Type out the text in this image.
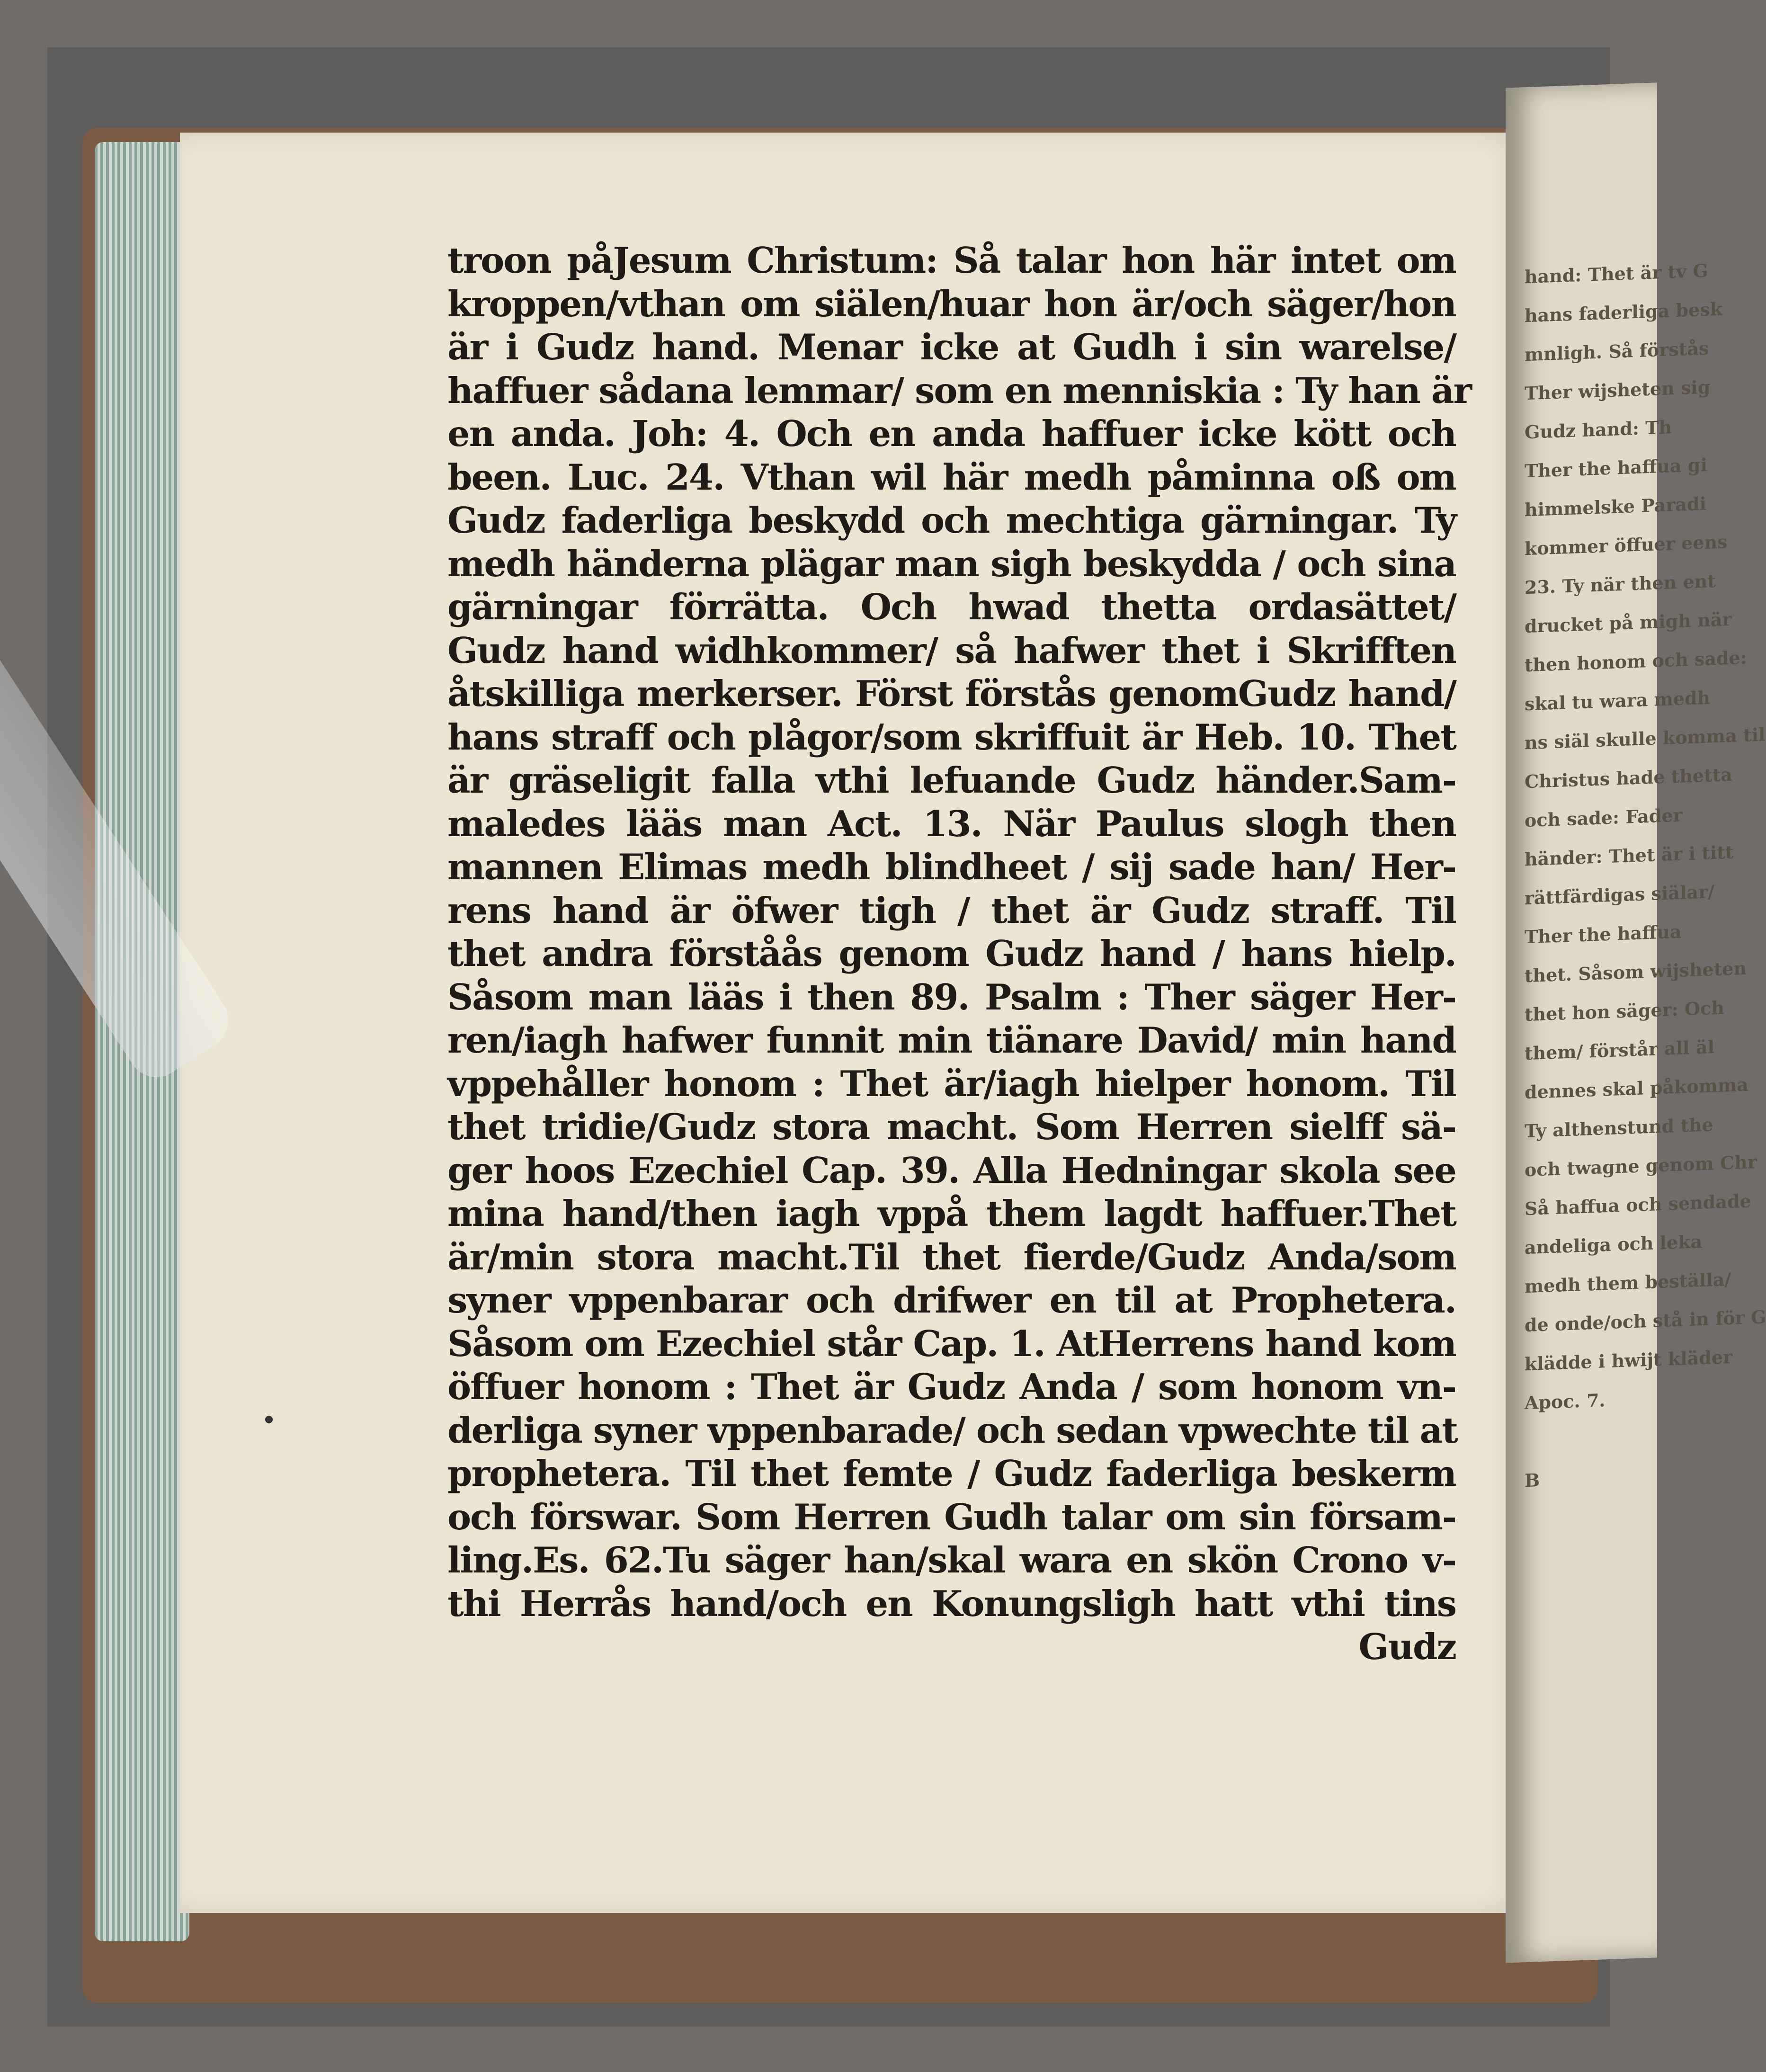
troon påJesum Christum: Så talar hon här intet om
kroppen/vthan om siälen/huar hon är/och säger/hon
är i Gudz hand. Menar icke at Gudh i sin warelse/
haffuer sådana lemmar/ som en menniskia : Ty han är
en anda. Joh: 4. Och en anda haffuer icke kött och
been. Luc. 24. Vthan wil här medh påminna oß om
Gudz faderliga beskydd och mechtiga gärningar. Ty
medh händerna plägar man sigh beskydda / och sina
gärningar förrätta. Och hwad thetta ordasättet/
Gudz hand widhkommer/ så hafwer thet i Skrifften
åtskilliga merkerser. Först förstås genomGudz hand/
hans straff och plågor/som skriffuit är Heb. 10. Thet
är gräseligit falla vthi lefuande Gudz händer.Sam-
maledes lääs man Act. 13. När Paulus slogh then
mannen Elimas medh blindheet / sij sade han/ Her-
rens hand är öfwer tigh / thet är Gudz straff. Til
thet andra förståås genom Gudz hand / hans hielp.
Såsom man lääs i then 89. Psalm : Ther säger Her-
ren/iagh hafwer funnit min tiänare David/ min hand
vppehåller honom : Thet är/iagh hielper honom. Til
thet tridie/Gudz stora macht. Som Herren sielff sä-
ger hoos Ezechiel Cap. 39. Alla Hedningar skola see
mina hand/then iagh vppå them lagdt haffuer.Thet
är/min stora macht.Til thet fierde/Gudz Anda/som
syner vppenbarar och drifwer en til at Prophetera.
Såsom om Ezechiel står Cap. 1. AtHerrens hand kom
öffuer honom : Thet är Gudz Anda / som honom vn-
derliga syner vppenbarade/ och sedan vpwechte til at
prophetera. Til thet femte / Gudz faderliga beskerm
och förswar. Som Herren Gudh talar om sin försam-
ling.Es. 62.Tu säger han/skal wara en skön Crono v-
thi Herrås hand/och en Konungsligh hatt vthi tins
Gudz
hand: Thet är tv G
hans faderliga besk
mnligh. Så förstås
Ther wijsheten sig
Gudz hand: Th
Ther the haffua gi
himmelske Paradi
kommer öffuer eens
23. Ty när then ent
drucket på migh när
then honom och sade:
skal tu wara medh
ns siäl skulle komma til
Christus hade thetta
och sade: Fader
händer: Thet är i titt
rättfärdigas siälar/
Ther the haffua
thet. Såsom wijsheten
thet hon säger: Och
them/ förstår all äl
dennes skal påkomma
Ty althenstund the
och twagne genom Chr
Så haffua och sendade
andeliga och leka
medh them beställa/
de onde/och stå in för G
klädde i hwijt kläder
Apoc. 7.
B
